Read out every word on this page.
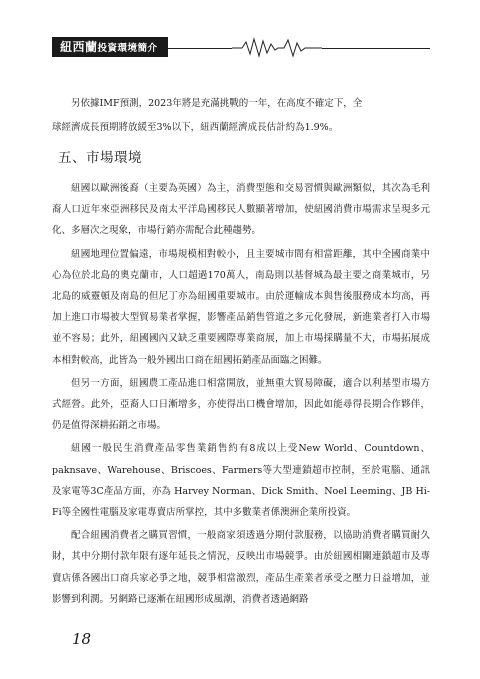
紐西蘭投資環境簡介

另依據IMF預測，2023年將是充滿挑戰的一年，在高度不確定下，全

球經濟成長預期將放緩至3%以下，紐西蘭經濟成長估計約為1.9%。

五、市場環境

紐國以歐洲後裔（主要為英國）為主，消費型態和交易習慣與歐洲類似，其次為毛利裔人口近年來亞洲移民及南太平洋島國移民人數顯著增加，使紐國消費市場需求呈現多元化、多層次之現象，市場行銷亦需配合此種趨勢。

紐國地理位置偏遠，市場規模相對較小，且主要城市間有相當距離，其中全國商業中心為位於北島的奧克蘭市，人口超過170萬人，南島則以基督城為最主要之商業城市，另北島的威靈頓及南島的但尼丁亦為紐國重要城市。由於運輸成本與售後服務成本均高，再加上進口市場被大型貿易業者掌握，影響產品銷售管道之多元化發展，新進業者打入市場並不容易；此外，紐國國內又缺乏重要國際專業商展，加上市場採購量不大，市場拓展成本相對較高，此皆為一般外國出口商在紐國拓銷產品面臨之困難。

但另一方面，紐國農工產品進口相當開放，並無重大貿易障礙，適合以利基型市場方式經營。此外，亞裔人口日漸增多，亦使得出口機會增加，因此如能尋得長期合作夥伴，仍是值得深耕拓銷之市場。

紐國一般民生消費產品零售業銷售約有8成以上受New World、Countdown、paknsave、Warehouse、Briscoes、Farmers等大型連鎖超市控制，至於電腦、通訊及家電等3C產品方面，亦為 Harvey Norman、Dick Smith、Noel Leeming、JB Hi-Fi等全國性電腦及家電專賣店所掌控，其中多數業者係澳洲企業所投資。

配合紐國消費者之購買習慣，一般商家須透過分期付款服務，以協助消費者購買耐久財，其中分期付款年限有逐年延長之情況，反映出市場競爭。由於紐國相關連鎖超市及專賣店係各國出口商兵家必爭之地，競爭相當激烈，產品生產業者承受之壓力日益增加，並影響到利潤。另網路已逐漸在紐國形成風潮，消費者透過網路

18
